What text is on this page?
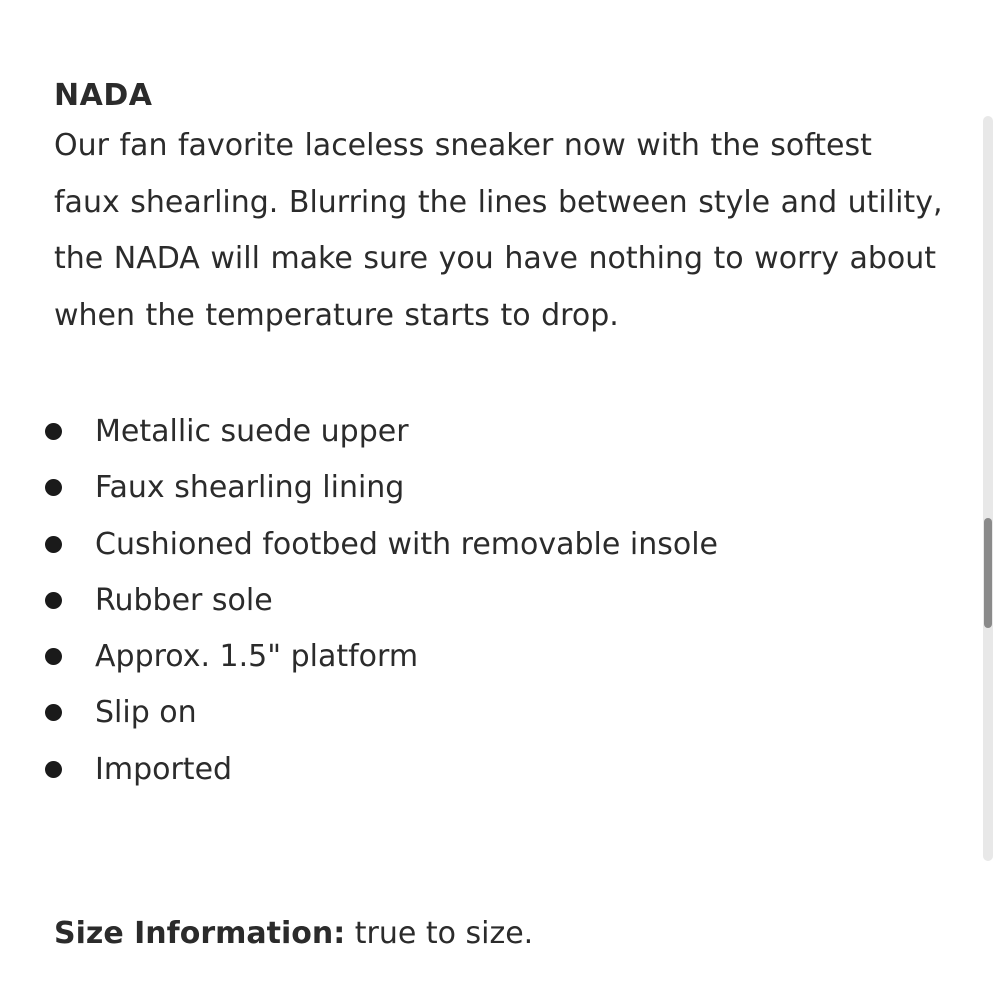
NADA

Our fan favorite laceless sneaker now with the softest faux shearling. Blurring the lines between style and utility, the NADA will make sure you have nothing to worry about when the temperature starts to drop.

Metallic suede upper
Faux shearling lining
Cushioned footbed with removable insole
Rubber sole
Approx. 1.5" platform
Slip on
Imported

Size Information: true to size.
